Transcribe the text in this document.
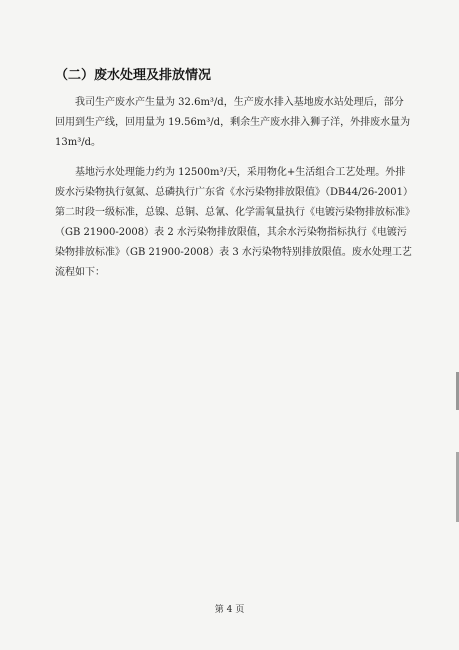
（二）废水处理及排放情况

我司生产废水产生量为 32.6m³/d，生产废水排入基地废水站处理后，部分回用到生产线，回用量为 19.56m³/d，剩余生产废水排入狮子洋，外排废水量为 13m³/d。

基地污水处理能力约为 12500m³/天，采用物化+生活组合工艺处理。外排废水污染物执行氨氮、总磷执行广东省《水污染物排放限值》（DB44/26-2001）第二时段一级标准，总镍、总铜、总氰、化学需氧量执行《电镀污染物排放标准》（GB 21900-2008）表 2 水污染物排放限值，其余水污染物指标执行《电镀污染物排放标准》（GB 21900-2008）表 3 水污染物特别排放限值。废水处理工艺流程如下：

第 4 页
